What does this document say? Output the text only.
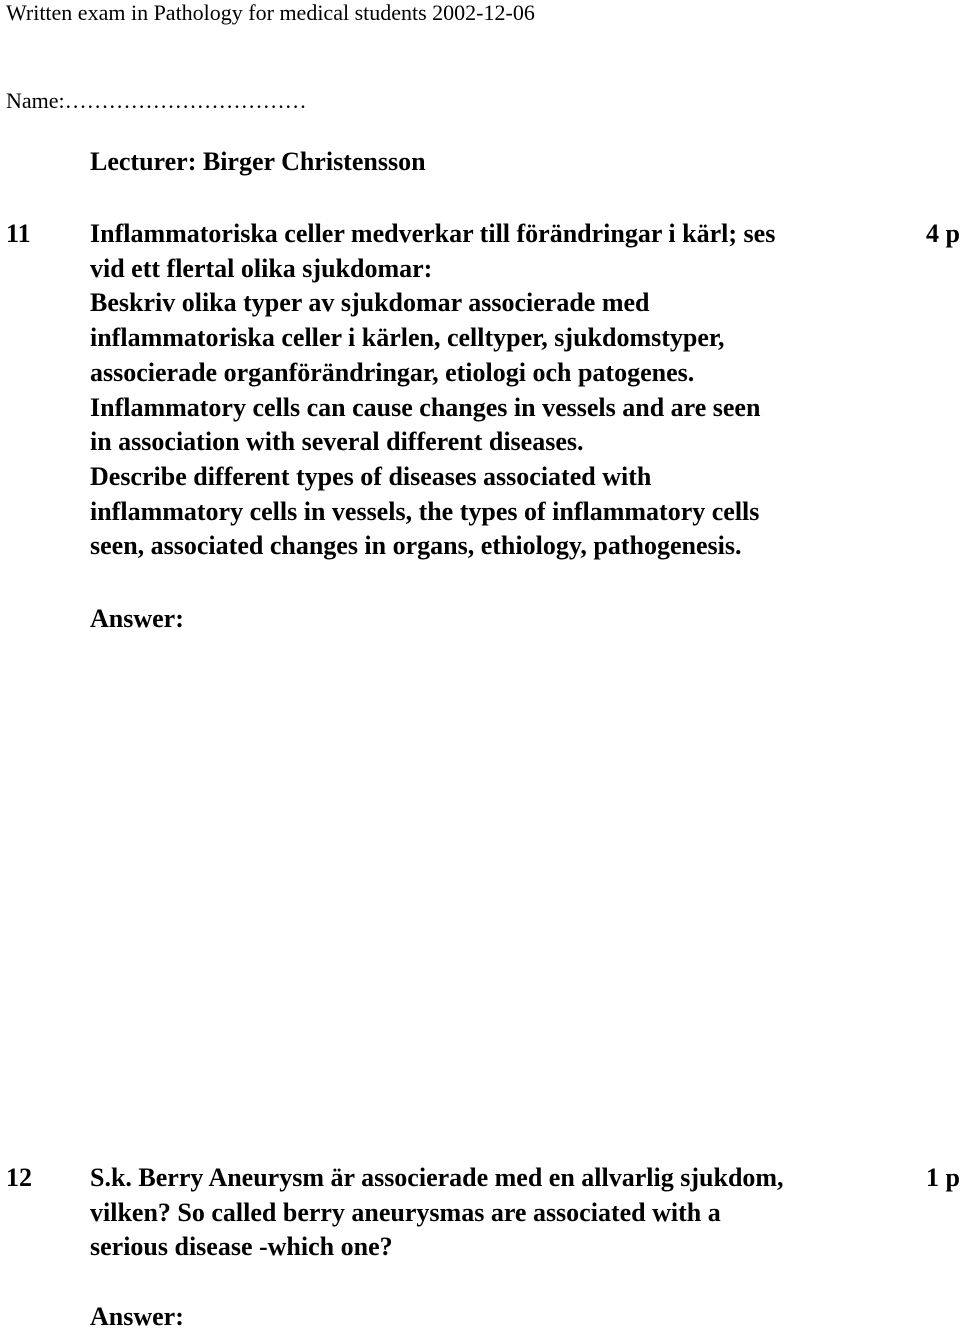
Written exam in Pathology for medical students 2002-12-06
Name:……………………………
Lecturer: Birger Christensson
11	4 p
Inflammatoriska celler medverkar till förändringar i kärl; ses
vid ett flertal olika sjukdomar:
Beskriv olika typer av sjukdomar associerade med
inflammatoriska celler i kärlen, celltyper, sjukdomstyper,
associerade organförändringar, etiologi och patogenes.
Inflammatory cells can cause changes in vessels and are seen
in association with several different diseases.
Describe different types of diseases associated with
inflammatory cells in vessels, the types of inflammatory cells
seen, associated changes in organs, ethiology, pathogenesis.
Answer:
12	1 p
S.k. Berry Aneurysm är associerade med en allvarlig sjukdom,
vilken? So called berry aneurysmas are associated with a
serious disease -which one?
Answer:
